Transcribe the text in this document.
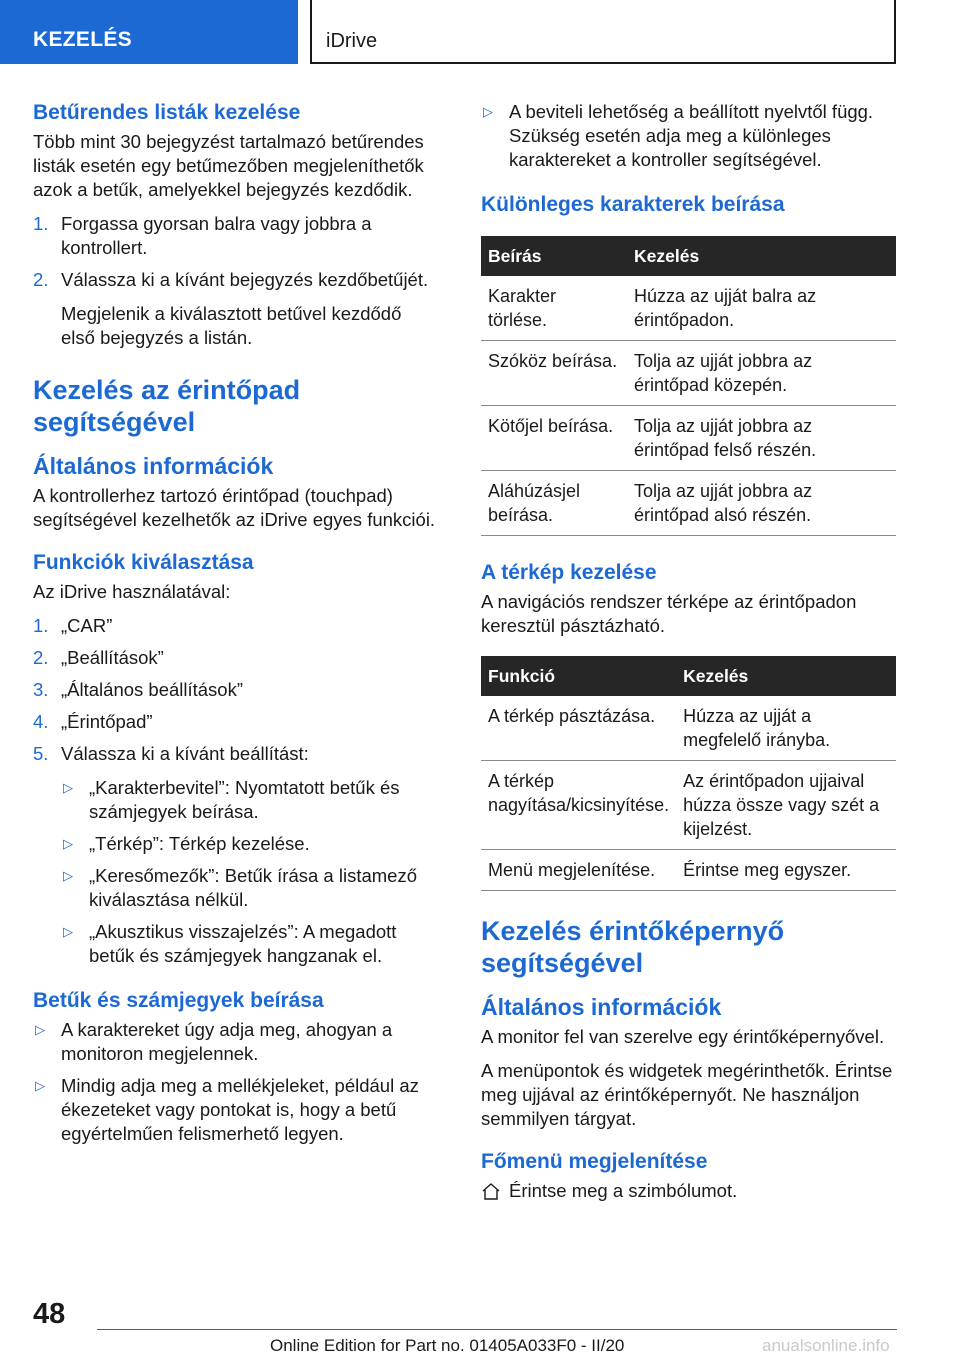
KEZELÉS	iDrive
Betűrendes listák kezelése

Több mint 30 bejegyzést tartalmazó betűrendes listák esetén egy betűmezőben megjeleníthetők azok a betűk, amelyekkel bejegyzés kezdődik.

1. Forgassa gyorsan balra vagy jobbra a kontrollert.
2. Válassza ki a kívánt bejegyzés kezdőbetűjét.

Megjelenik a kiválasztott betűvel kezdődő első bejegyzés a listán.

Kezelés az érintőpad segítségével
Általános információk

A kontrollerhez tartozó érintőpad (touchpad) segítségével kezelhetők az iDrive egyes funkciói.

Funkciók kiválasztása

Az iDrive használatával:

1. „CAR”
2. „Beállítások”
3. „Általános beállítások”
4. „Érintőpad”
5. Válassza ki a kívánt beállítást:
▷ „Karakterbevitel”: Nyomtatott betűk és számjegyek beírása.
▷ „Térkép”: Térkép kezelése.
▷ „Keresőmezők”: Betűk írása a listamező kiválasztása nélkül.
▷ „Akusztikus visszajelzés”: A megadott betűk és számjegyek hangzanak el.
Betűk és számjegyek beírása
▷ A karaktereket úgy adja meg, ahogyan a monitoron megjelennek.
▷ Mindig adja meg a mellékjeleket, például az ékezeteket vagy pontokat is, hogy a betű egyértelműen felismerhető legyen.
▷ A beviteli lehetőség a beállított nyelvtől függ. Szükség esetén adja meg a különleges karaktereket a kontroller segítségével.
Különleges karakterek beírása
Beírás	Kezelés
Karakter törlése.	Húzza az ujját balra az érintőpadon.
Szóköz beírása.	Tolja az ujját jobbra az érintőpad közepén.
Kötőjel beírása.	Tolja az ujját jobbra az érintőpad felső részén.
Aláhúzásjel beírása.	Tolja az ujját jobbra az érintőpad alsó részén.
A térkép kezelése

A navigációs rendszer térképe az érintőpadon keresztül pásztázható.

Funkció	Kezelés
A térkép pásztázása.	Húzza az ujját a megfelelő irányba.
A térkép nagyítása/kicsinyítése.	Az érintőpadon ujjaival húzza össze vagy szét a kijelzést.
Menü megjelenítése.	Érintse meg egyszer.
Kezelés érintőképernyő segítségével
Általános információk

A monitor fel van szerelve egy érintőképernyővel.

A menüpontok és widgetek megérinthetők. Érintse meg ujjával az érintőképernyőt. Ne használjon semmilyen tárgyat.

Főmenü megjelenítése
Érintse meg a szimbólumot.
48
Online Edition for Part no. 01405A033F0 - II/20	anualsonline.info
